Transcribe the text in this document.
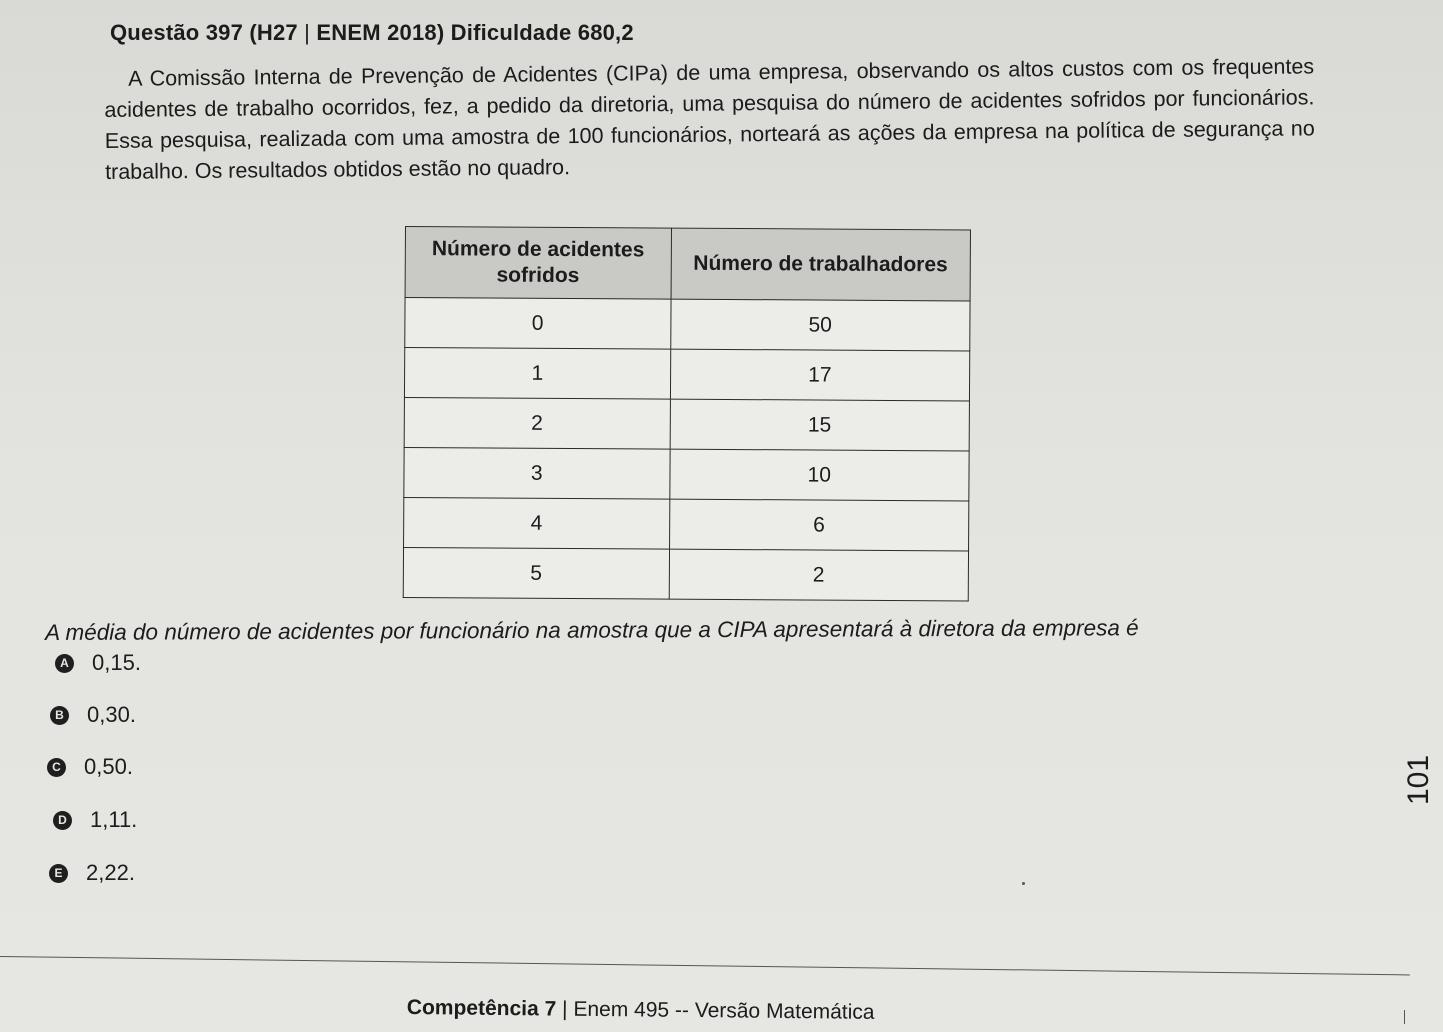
Questão 397 (H27 | ENEM 2018) Dificuldade 680,2
A Comissão Interna de Prevenção de Acidentes (CIPa) de uma empresa, observando os altos custos com os frequentes acidentes de trabalho ocorridos, fez, a pedido da diretoria, uma pesquisa do número de acidentes sofridos por funcionários. Essa pesquisa, realizada com uma amostra de 100 funcionários, norteará as ações da empresa na política de segurança no trabalho. Os resultados obtidos estão no quadro.
Número de acidentes sofridos	Número de trabalhadores
0	50
1	17
2	15
3	10
4	6
5	2
A média do número de acidentes por funcionário na amostra que a CIPA apresentará à diretora da empresa é
A 0,15.
B 0,30.
C 0,50.
D 1,11.
E 2,22.
101
Competência 7 | Enem 495 -- Versão Matemática
